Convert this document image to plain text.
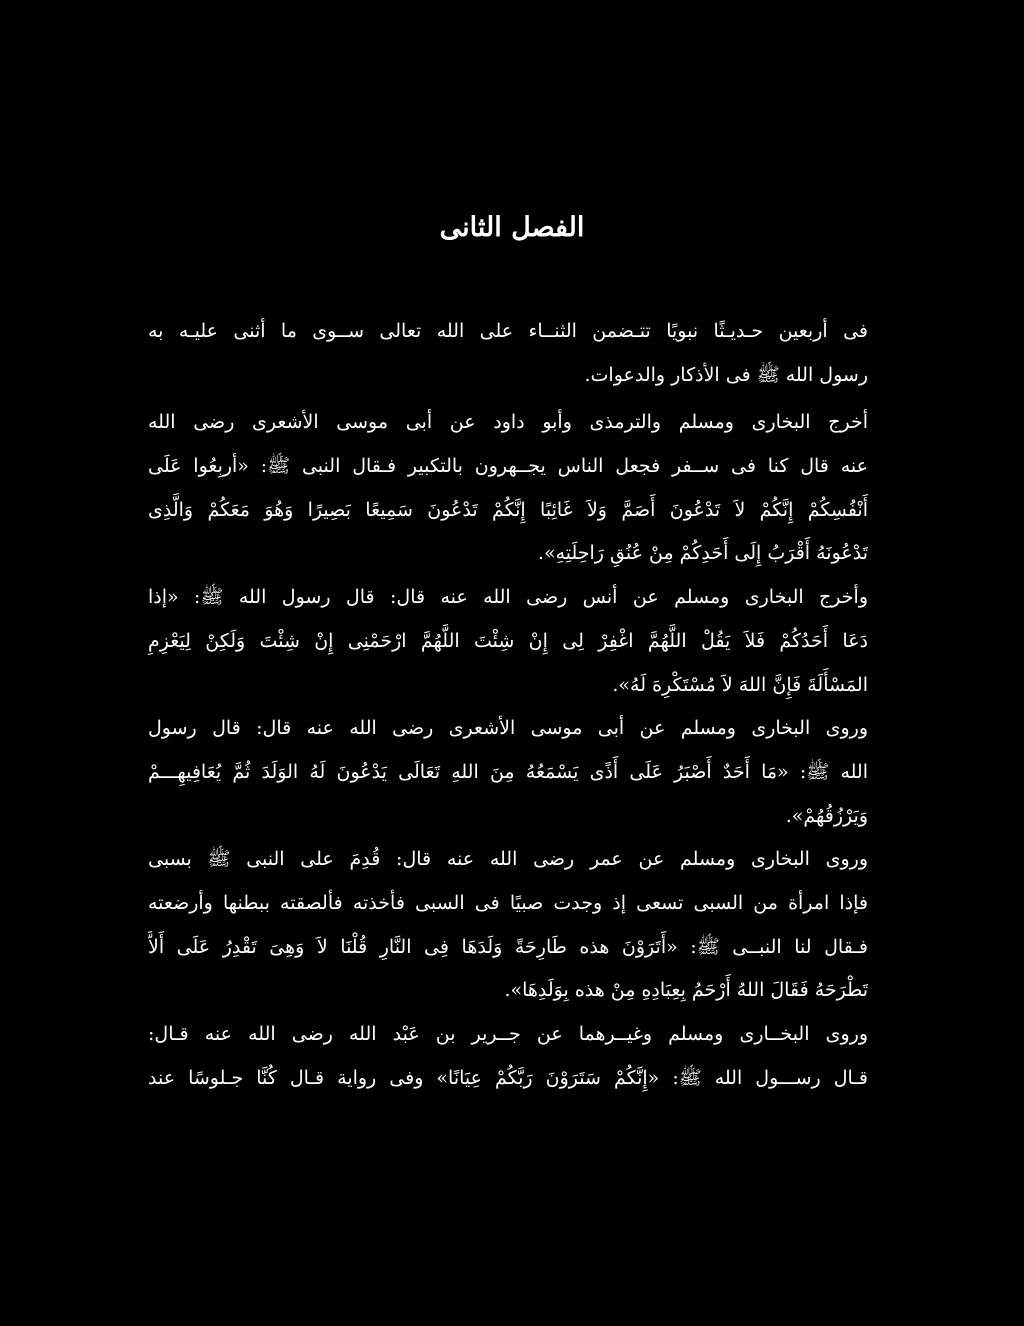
الفصل الثانى
فى أربعين حـديـثًا نبويًا تتـضمن الثنــاء على الله تعالى ســوى ما أثنى عليـه به
رسول الله ﷺ فى الأذكار والدعوات.
أخرج البخارى ومسلم والترمذى وأبو داود عن أبى موسى الأشعرى رضى الله
عنه قال كنا فى ســفر فجعل الناس يجــهرون بالتكبير فـقال النبى ﷺ: «أربِعُوا عَلَى
أَنْفُسِكُمْ إِنَّكُمْ لاَ تَدْعُونَ أَصَمَّ وَلاَ غَائِبًا إِنَّكُمْ تَدْعُونَ سَمِيعًا بَصِيرًا وَهُوَ مَعَكُمْ وَالَّذِى
تَدْعُونَهُ أَقْرَبُ إِلَى أَحَدِكُمْ مِنْ عُنُقِ رَاحِلَتِهِ».
وأخرج البخارى ومسلم عن أنس رضى الله عنه قال: قال رسول الله ﷺ: «إذا
دَعَا أَحَدُكُمْ فَلاَ يَقُلْ اللَّهُمَّ اغْفِرْ لِى إِنْ شِئْتَ اللَّهُمَّ ارْحَمْنِى إِنْ شِئْتَ وَلَكِنْ لِيَعْزِمِ
المَسْأَلَةَ فَإِنَّ اللهَ لاَ مُسْتَكْرِهَ لَهُ».
وروى البخارى ومسلم عن أبى موسى الأشعرى رضى الله عنه قال: قال رسول
الله ﷺ: «مَا أَحَدٌ أَصْبَرُ عَلَى أَذًى يَسْمَعُهُ مِنَ اللهِ تَعَالَى يَدْعُونَ لَهُ الوَلَدَ ثُمَّ يُعَافِيهِـــمْ
وَيَرْزُقُهُمْ».
وروى البخارى ومسلم عن عمر رضى الله عنه قال: قُدِمَ على النبى ﷺ بسبى
فإذا امرأة من السبى تسعى إذ وجدت صبيًا فى السبى فأخذته فألصقته ببطنها وأرضعته
فـقال لنا النبــى ﷺ: «أَتَرَوْنَ هذه طَارِحَةً وَلَدَهَا فِى النَّارِ قُلْنَا لاَ وَهِىَ تَقْدِرُ عَلَى أَلاَّ
تَطْرَحَهُ فَقَالَ اللهُ أَرْحَمُ بِعِبَادِهِ مِنْ هذه بِوَلَدِهَا».
وروى البخــارى ومسلم وغيــرهما عن جــرير بن عَبْد الله رضى الله عنه قـال:
قـال رســـول الله ﷺ: «إِنَّكُمْ سَتَرَوْنَ رَبَّكُمْ عِيَانًا» وفى رواية قـال كُنَّا جـلوسًا عند
